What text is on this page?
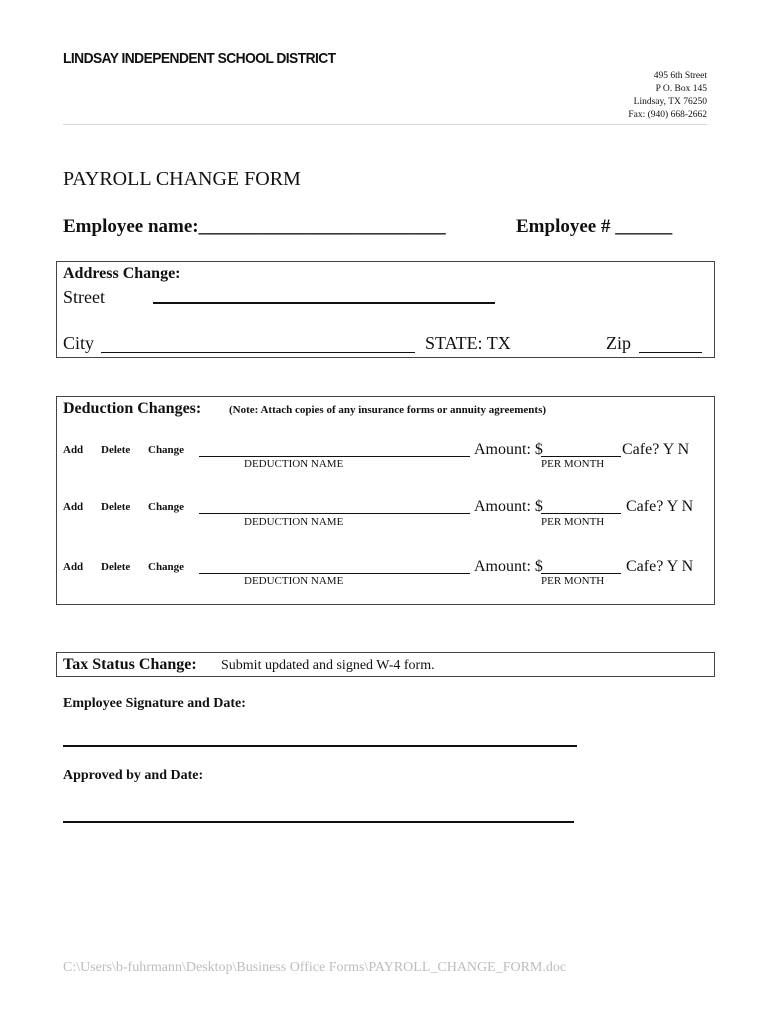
LINDSAY INDEPENDENT SCHOOL DISTRICT
495 6th Street
P O. Box 145
Lindsay, TX 76250
Fax: (940) 668-2662
PAYROLL CHANGE FORM
Employee name:__________________________	Employee # ______
Address Change:
Street
City	STATE: TX	Zip
Deduction Changes:	(Note: Attach copies of any insurance forms or annuity agreements)
Add Delete Change	Amount: $	Cafe? Y N
DEDUCTION NAME	PER MONTH
Add Delete Change	Amount: $	Cafe? Y N
DEDUCTION NAME	PER MONTH
Add Delete Change	Amount: $	Cafe? Y N
DEDUCTION NAME	PER MONTH
Tax Status Change: Submit updated and signed W-4 form.
Employee Signature and Date:
Approved by and Date:
C:\Users\b-fuhrmann\Desktop\Business Office Forms\PAYROLL_CHANGE_FORM.doc
